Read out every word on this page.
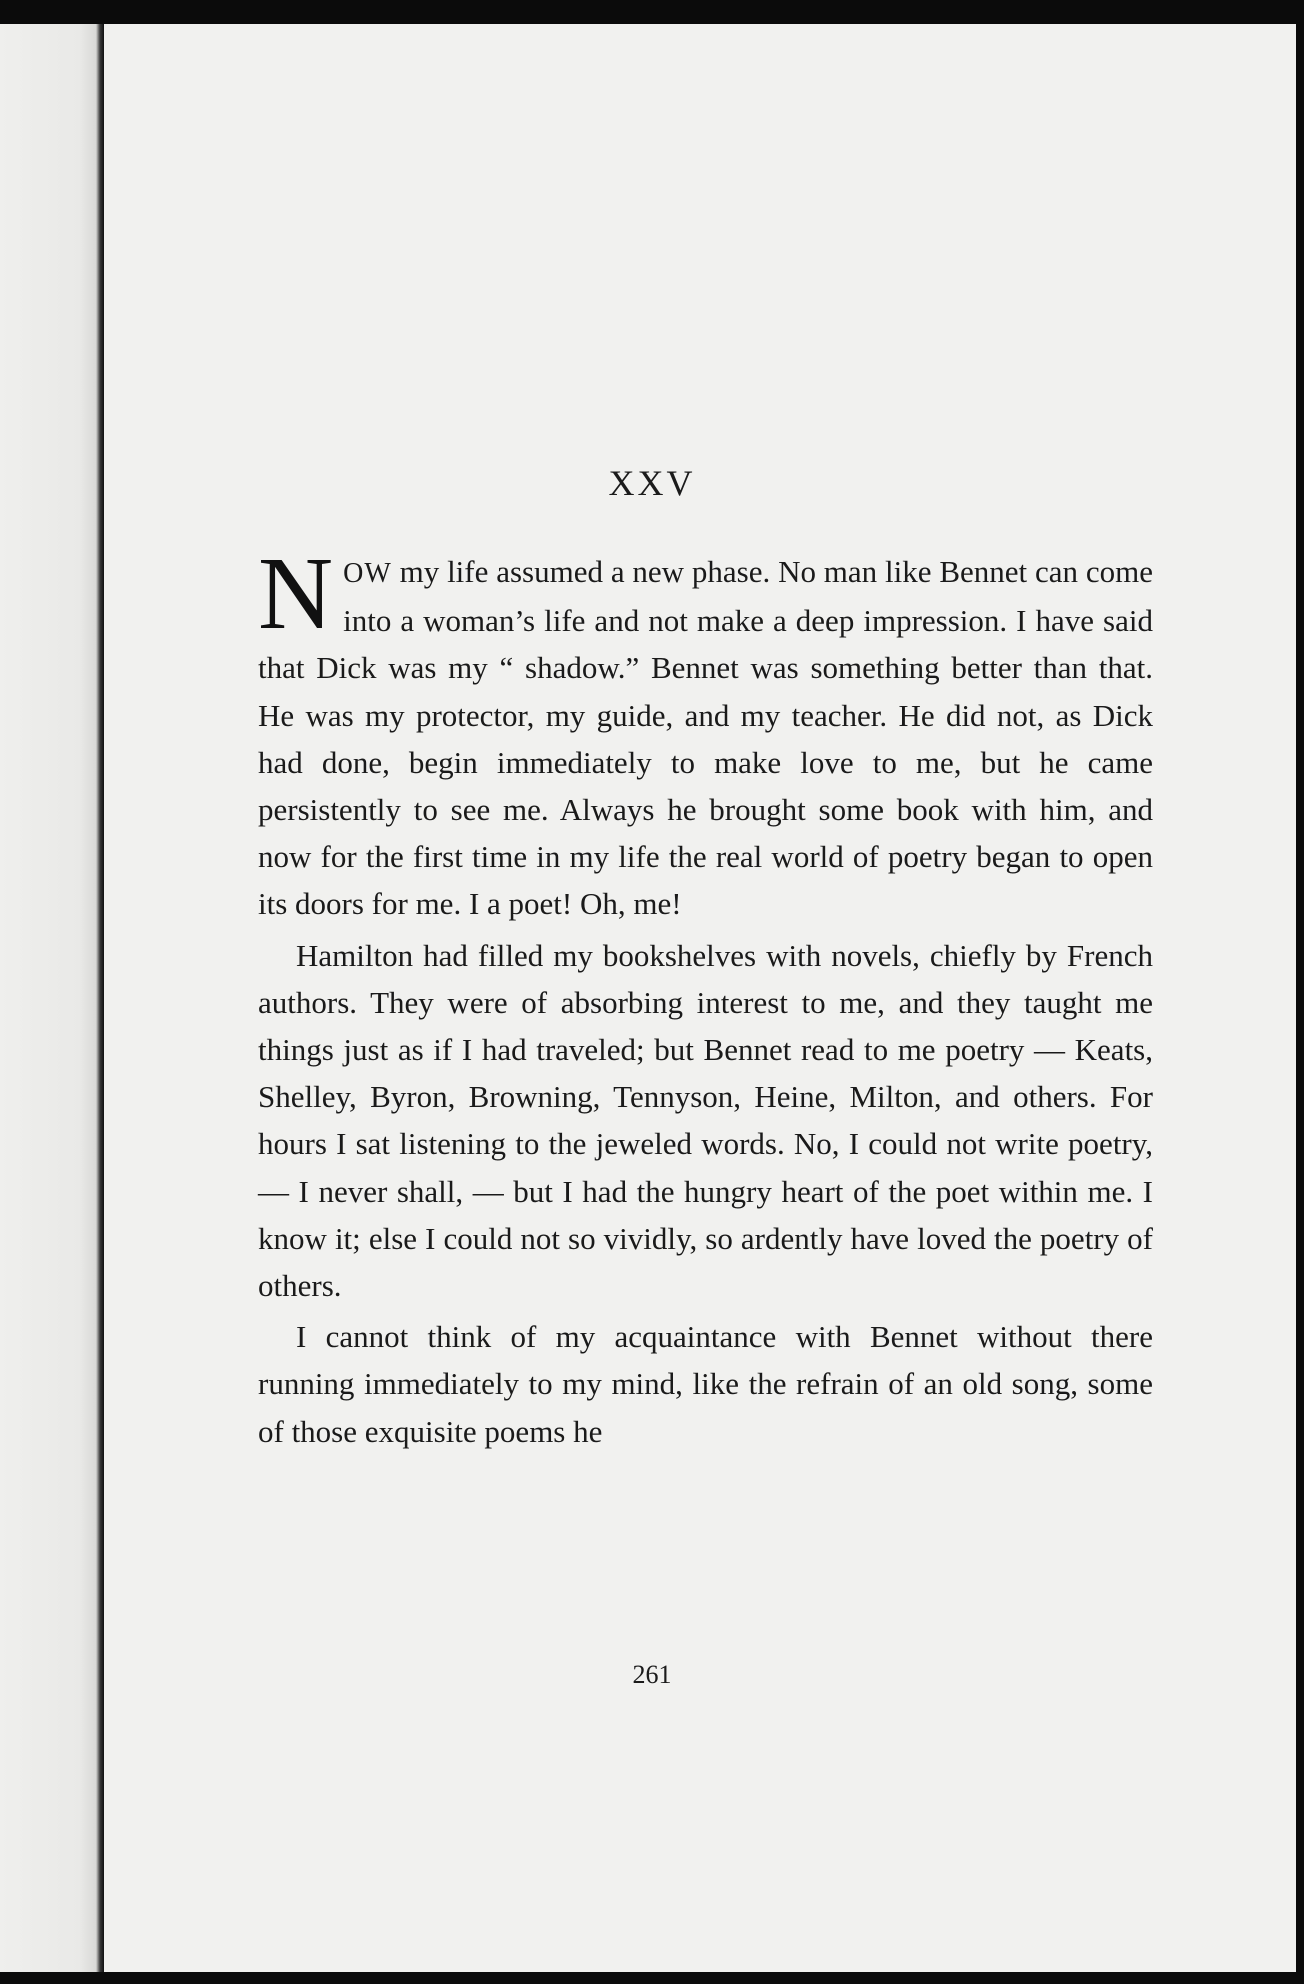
XXV

NOW my life assumed a new phase. No man like Bennet can come into a woman’s life and not make a deep impression. I have said that Dick was my “ shadow.” Bennet was something better than that. He was my protector, my guide, and my teacher. He did not, as Dick had done, begin immediately to make love to me, but he came persistently to see me. Always he brought some book with him, and now for the first time in my life the real world of poetry began to open its doors for me. I a poet! Oh, me!

Hamilton had filled my bookshelves with novels, chiefly by French authors. They were of absorbing interest to me, and they taught me things just as if I had traveled; but Bennet read to me poetry — Keats, Shelley, Byron, Browning, Tennyson, Heine, Milton, and others. For hours I sat listening to the jeweled words. No, I could not write poetry,— I never shall, — but I had the hungry heart of the poet within me. I know it; else I could not so vividly, so ardently have loved the poetry of others.

I cannot think of my acquaintance with Bennet without there running immediately to my mind, like the refrain of an old song, some of those exquisite poems he

261
